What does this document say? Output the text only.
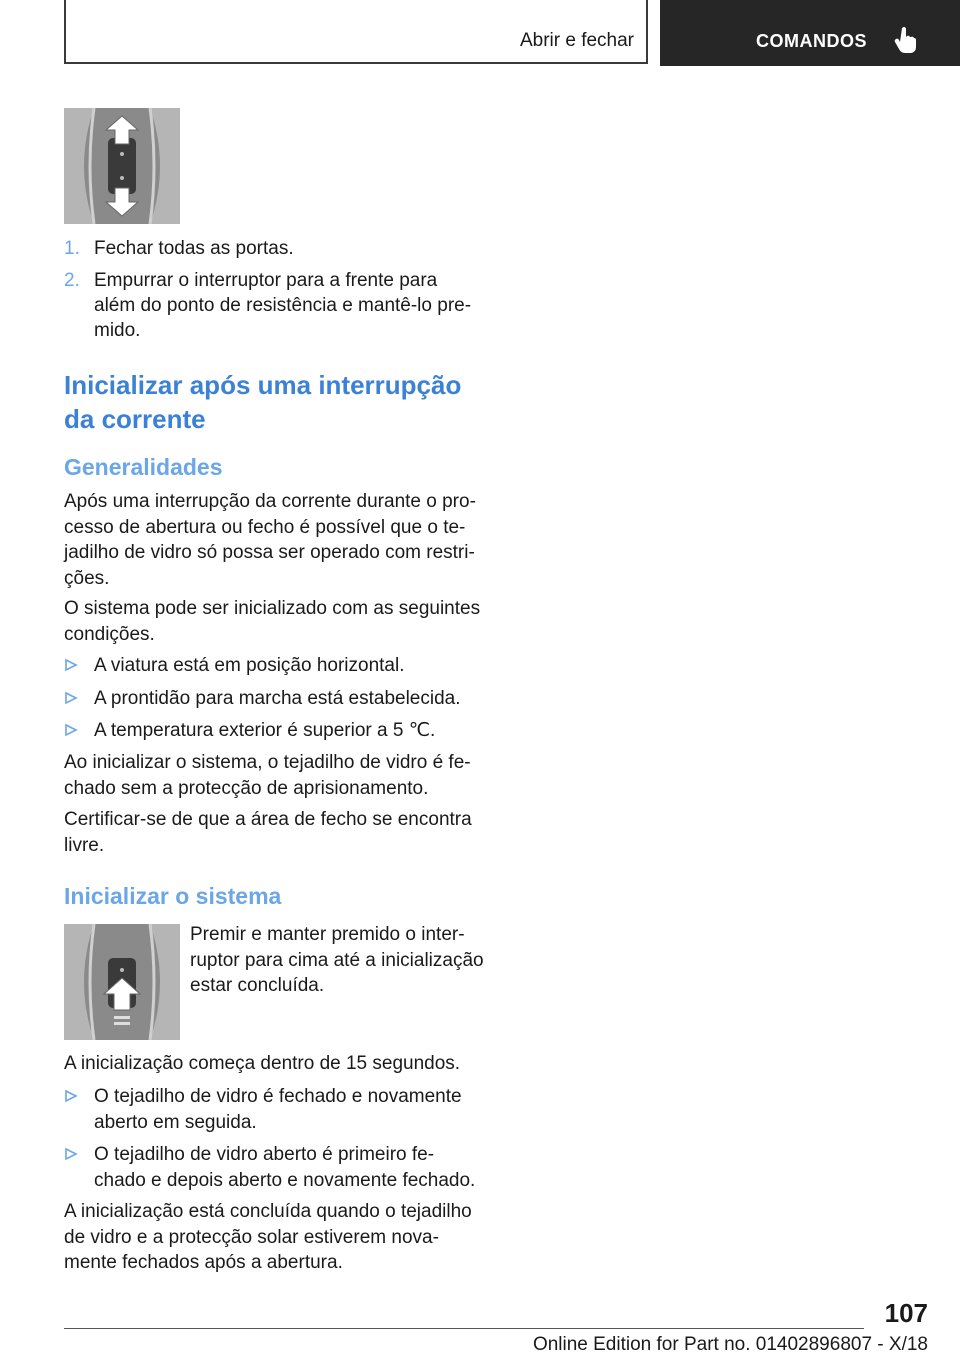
Abrir e fechar	COMANDOS
1. Fechar todas as portas.
2. Empurrar o interruptor para a frente para além do ponto de resistência e mantê-lo pre-mido.
Inicializar após uma interrupção da corrente
Generalidades
Após uma interrupção da corrente durante o pro-cesso de abertura ou fecho é possível que o te-jadilho de vidro só possa ser operado com restri-ções.
O sistema pode ser inicializado com as seguintes condições.
A viatura está em posição horizontal.
A prontidão para marcha está estabelecida.
A temperatura exterior é superior a 5 ℃.
Ao inicializar o sistema, o tejadilho de vidro é fe-chado sem a protecção de aprisionamento.
Certificar-se de que a área de fecho se encontra livre.
Inicializar o sistema
Premir e manter premido o inter-ruptor para cima até a inicialização estar concluída.
A inicialização começa dentro de 15 segundos.
O tejadilho de vidro é fechado e novamente aberto em seguida.
O tejadilho de vidro aberto é primeiro fe-chado e depois aberto e novamente fechado.
A inicialização está concluída quando o tejadilho de vidro e a protecção solar estiverem nova-mente fechados após a abertura.
107
Online Edition for Part no. 01402896807 - X/18
